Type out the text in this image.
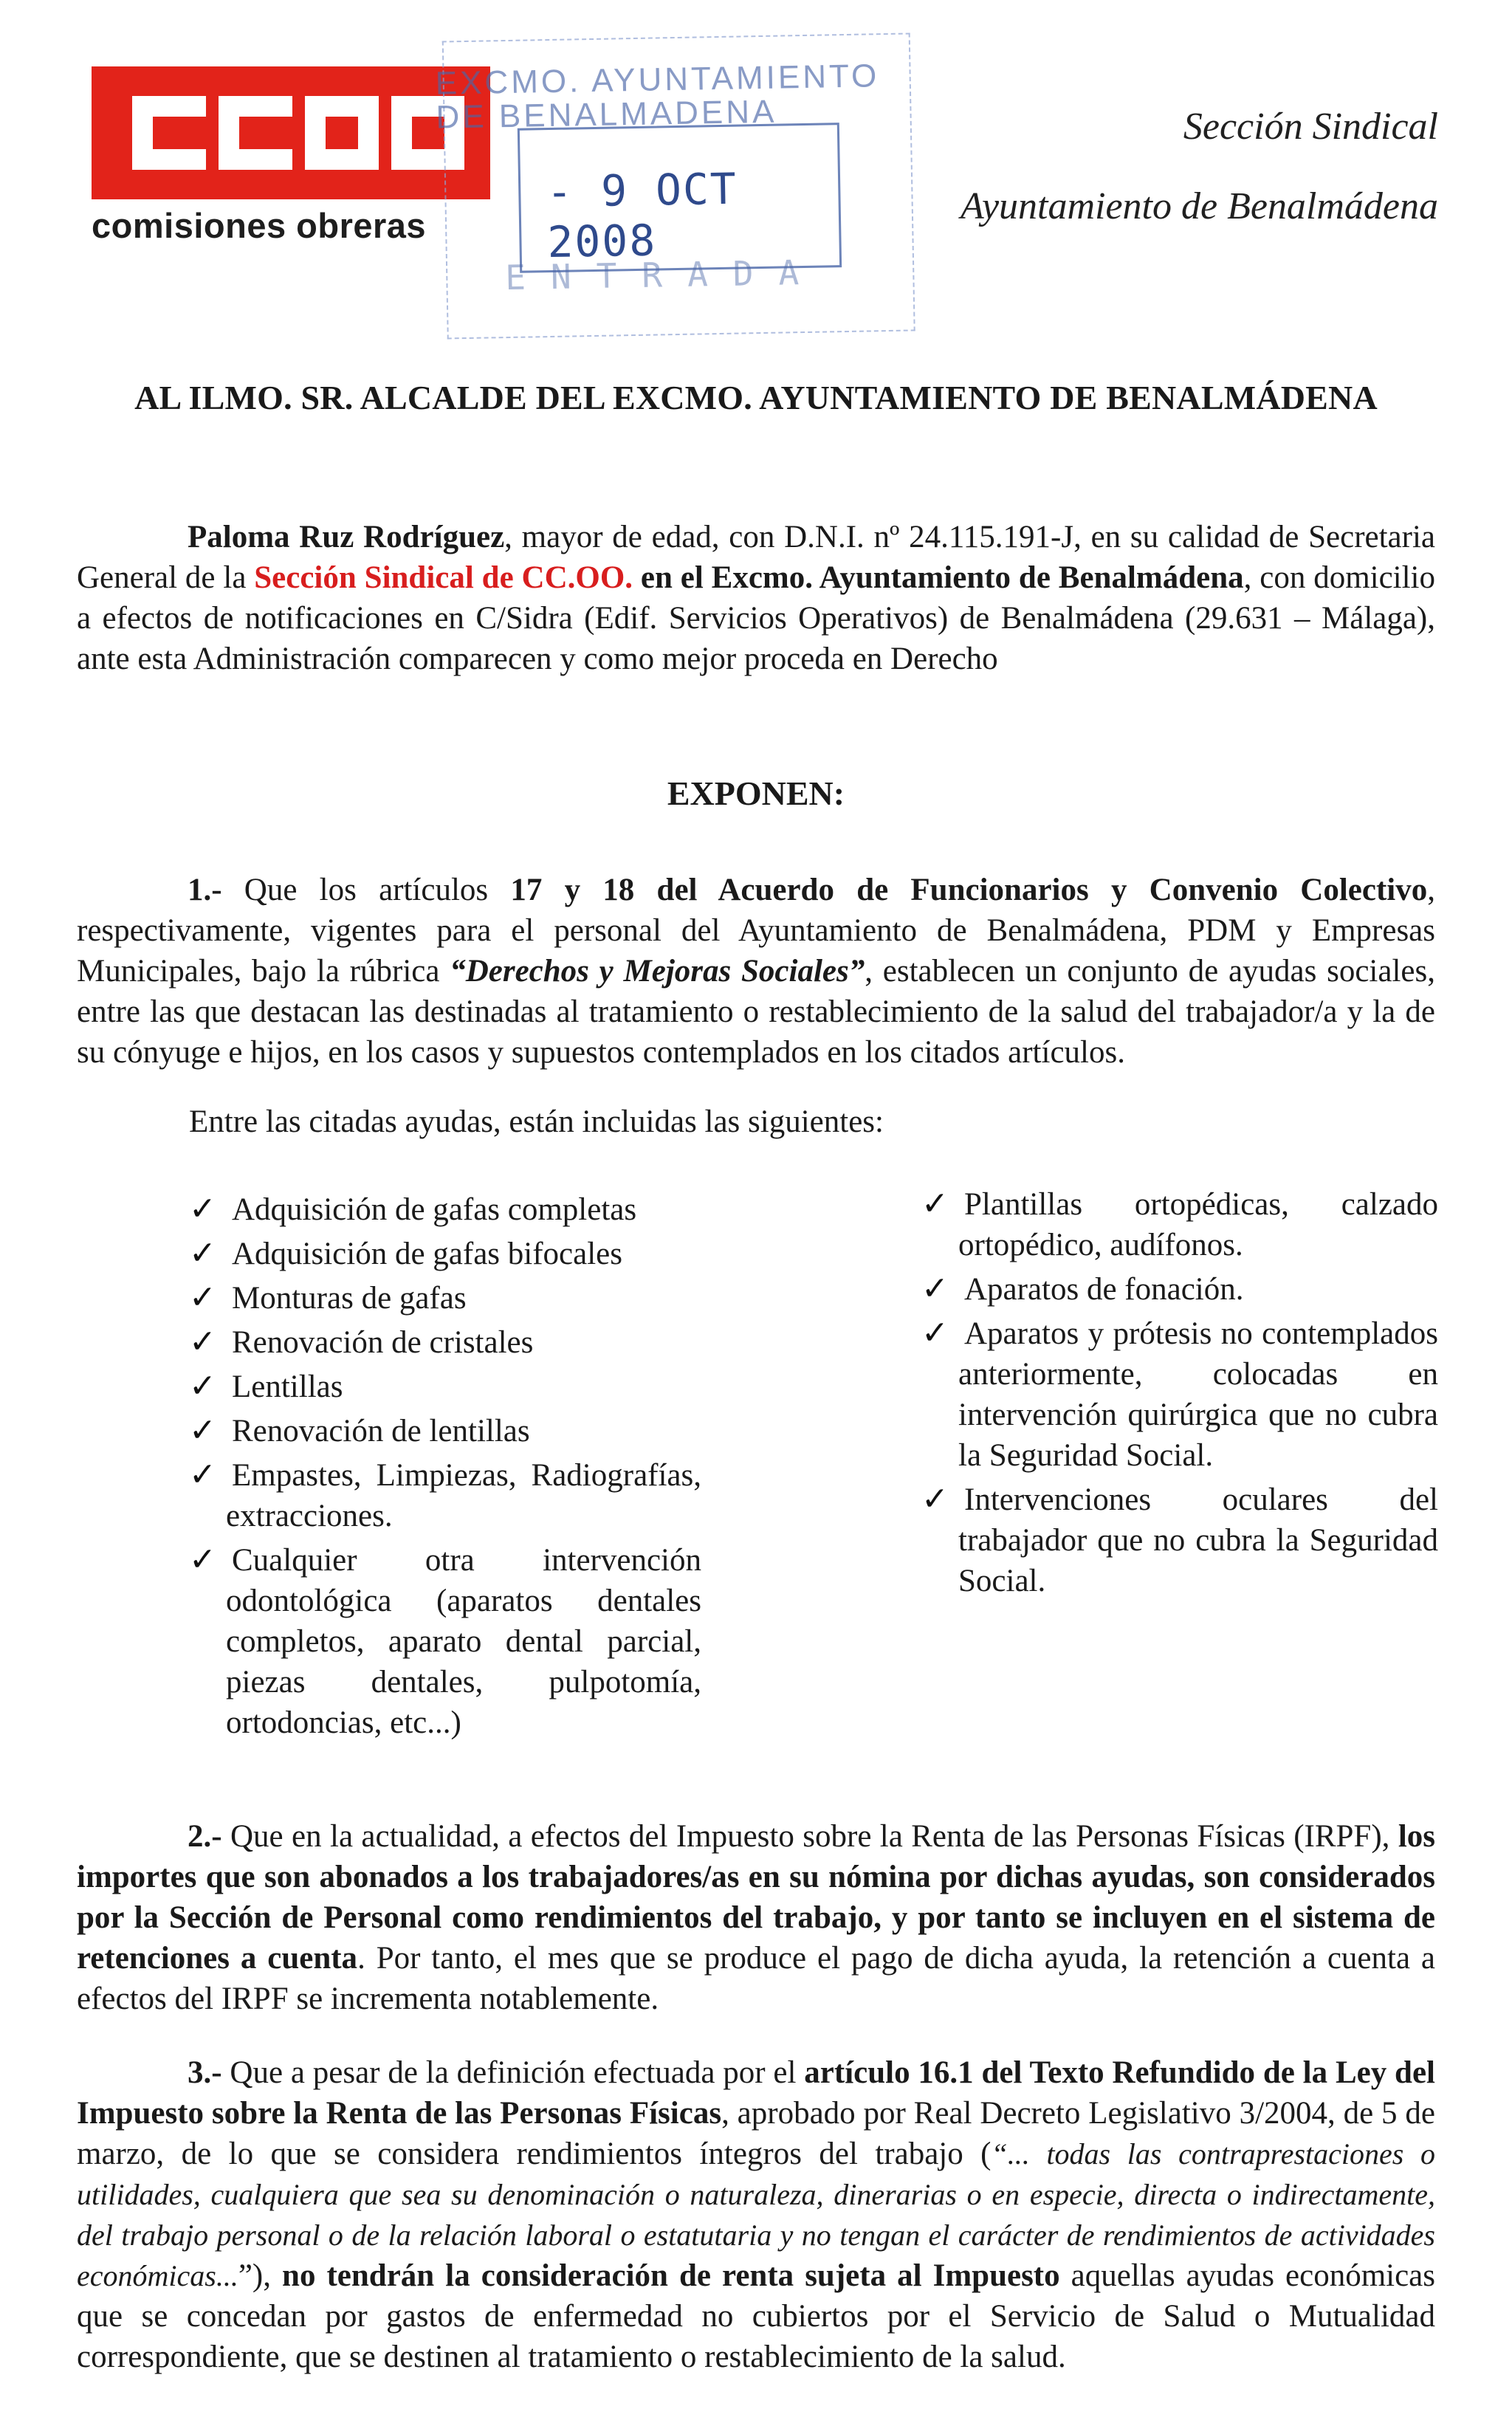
comisiones obreras
EXCMO. AYUNTAMIENTO DE BENALMADENA
- 9 OCT 2008
ENTRADA
Sección Sindical
Ayuntamiento de Benalmádena
AL ILMO. SR. ALCALDE DEL EXCMO. AYUNTAMIENTO DE BENALMÁDENA
Paloma Ruz Rodríguez, mayor de edad, con D.N.I. nº 24.115.191-J, en su calidad de Secretaria General de la Sección Sindical de CC.OO. en el Excmo. Ayuntamiento de Benalmádena, con domicilio a efectos de notificaciones en C/Sidra (Edif. Servicios Operativos) de Benalmádena (29.631 – Málaga), ante esta Administración comparecen y como mejor proceda en Derecho
EXPONEN:
1.- Que los artículos 17 y 18 del Acuerdo de Funcionarios y Convenio Colectivo, respectivamente, vigentes para el personal del Ayuntamiento de Benalmádena, PDM y Empresas Municipales, bajo la rúbrica “Derechos y Mejoras Sociales”, establecen un conjunto de ayudas sociales, entre las que destacan las destinadas al tratamiento o restablecimiento de la salud del trabajador/a y la de su cónyuge e hijos, en los casos y supuestos contemplados en los citados artículos.
Entre las citadas ayudas, están incluidas las siguientes:
✓ Adquisición de gafas completas
✓ Adquisición de gafas bifocales
✓ Monturas de gafas
✓ Renovación de cristales
✓ Lentillas
✓ Renovación de lentillas
✓ Empastes, Limpiezas, Radiografías, extracciones.
✓ Cualquier otra intervención odontológica (aparatos dentales completos, aparato dental parcial, piezas dentales, pulpotomía, ortodoncias, etc...)
✓ Plantillas ortopédicas, calzado ortopédico, audífonos.
✓ Aparatos de fonación.
✓ Aparatos y prótesis no contemplados anteriormente, colocadas en intervención quirúrgica que no cubra la Seguridad Social.
✓ Intervenciones oculares del trabajador que no cubra la Seguridad Social.
2.- Que en la actualidad, a efectos del Impuesto sobre la Renta de las Personas Físicas (IRPF), los importes que son abonados a los trabajadores/as en su nómina por dichas ayudas, son considerados por la Sección de Personal como rendimientos del trabajo, y por tanto se incluyen en el sistema de retenciones a cuenta. Por tanto, el mes que se produce el pago de dicha ayuda, la retención a cuenta a efectos del IRPF se incrementa notablemente.
3.- Que a pesar de la definición efectuada por el artículo 16.1 del Texto Refundido de la Ley del Impuesto sobre la Renta de las Personas Físicas, aprobado por Real Decreto Legislativo 3/2004, de 5 de marzo, de lo que se considera rendimientos íntegros del trabajo (“... todas las contraprestaciones o utilidades, cualquiera que sea su denominación o naturaleza, dinerarias o en especie, directa o indirectamente, del trabajo personal o de la relación laboral o estatutaria y no tengan el carácter de rendimientos de actividades económicas...”), no tendrán la consideración de renta sujeta al Impuesto aquellas ayudas económicas que se concedan por gastos de enfermedad no cubiertos por el Servicio de Salud o Mutualidad correspondiente, que se destinen al tratamiento o restablecimiento de la salud.
